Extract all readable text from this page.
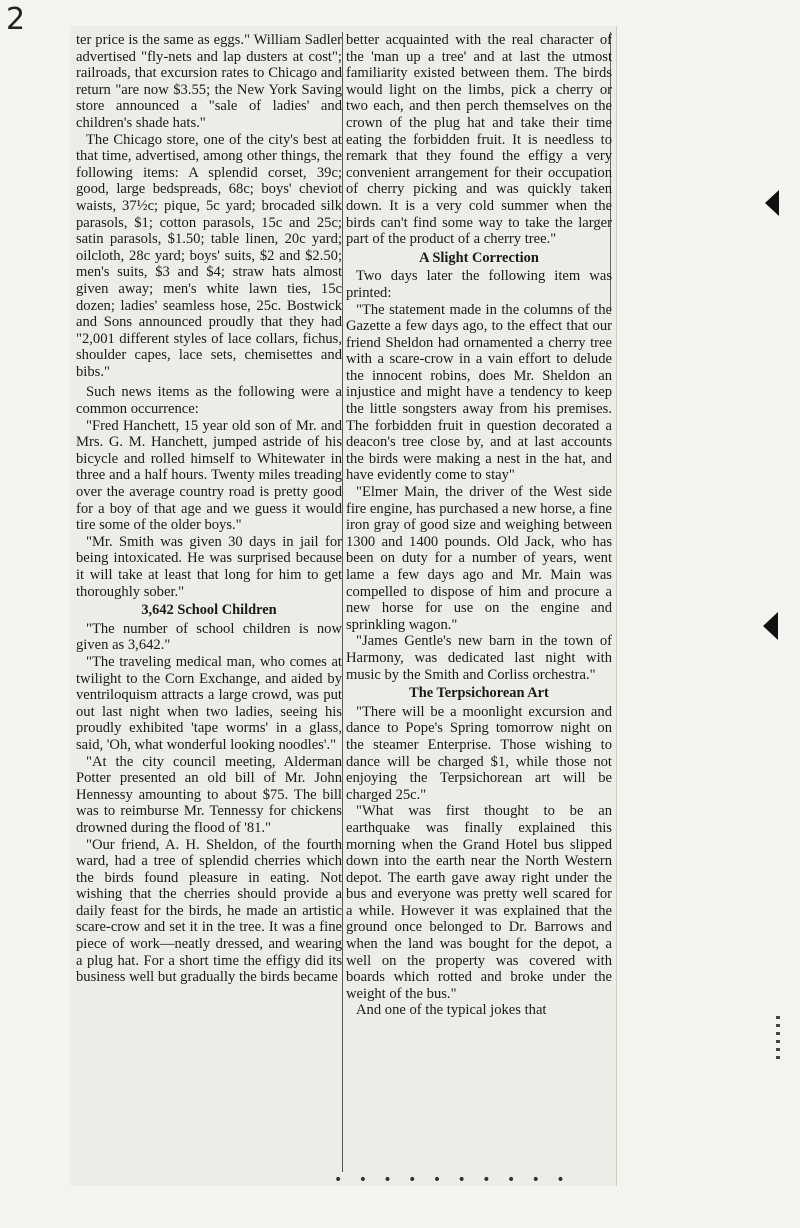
2

ter price is the same as eggs." William Sadler advertised "fly-nets and lap dusters at cost"; railroads, that excursion rates to Chicago and return "are now $3.55; the New York Saving store announced a "sale of ladies' and children's shade hats."

The Chicago store, one of the city's best at that time, advertised, among other things, the following items: A splendid corset, 39c; good, large bedspreads, 68c; boys' cheviot waists, 37½c; pique, 5c yard; brocaded silk parasols, $1; cotton parasols, 15c and 25c; satin parasols, $1.50; table linen, 20c yard; oilcloth, 28c yard; boys' suits, $2 and $2.50; men's suits, $3 and $4; straw hats almost given away; men's white lawn ties, 15c dozen; ladies' seamless hose, 25c. Bostwick and Sons announced proudly that they had "2,001 different styles of lace collars, fichus, shoulder capes, lace sets, chemisettes and bibs."

Such news items as the following were a common occurrence:

"Fred Hanchett, 15 year old son of Mr. and Mrs. G. M. Hanchett, jumped astride of his bicycle and rolled himself to Whitewater in three and a half hours. Twenty miles treading over the average country road is pretty good for a boy of that age and we guess it would tire some of the older boys."

"Mr. Smith was given 30 days in jail for being intoxicated. He was surprised because it will take at least that long for him to get thoroughly sober."

3,642 School Children

"The number of school children is now given as 3,642."

"The traveling medical man, who comes at twilight to the Corn Exchange, and aided by ventriloquism attracts a large crowd, was put out last night when two ladies, seeing his proudly exhibited 'tape worms' in a glass, said, 'Oh, what wonderful looking noodles'."

"At the city council meeting, Alderman Potter presented an old bill of Mr. John Hennessy amounting to about $75. The bill was to reimburse Mr. Tennessy for chickens drowned during the flood of '81."

"Our friend, A. H. Sheldon, of the fourth ward, had a tree of splendid cherries which the birds found pleasure in eating. Not wishing that the cherries should provide a daily feast for the birds, he made an artistic scare-crow and set it in the tree. It was a fine piece of work—neatly dressed, and wearing a plug hat. For a short time the effigy did its business well but gradually the birds became

better acquainted with the real character of the 'man up a tree' and at last the utmost familiarity existed between them. The birds would light on the limbs, pick a cherry or two each, and then perch themselves on the crown of the plug hat and take their time eating the forbidden fruit. It is needless to remark that they found the effigy a very convenient arrangement for their occupation of cherry picking and was quickly taken down. It is a very cold summer when the birds can't find some way to take the larger part of the product of a cherry tree."

A Slight Correction

Two days later the following item was printed:

"The statement made in the columns of the Gazette a few days ago, to the effect that our friend Sheldon had ornamented a cherry tree with a scare-crow in a vain effort to delude the innocent robins, does Mr. Sheldon an injustice and might have a tendency to keep the little songsters away from his premises. The forbidden fruit in question decorated a deacon's tree close by, and at last accounts the birds were making a nest in the hat, and have evidently come to stay"

"Elmer Main, the driver of the West side fire engine, has purchased a new horse, a fine iron gray of good size and weighing between 1300 and 1400 pounds. Old Jack, who has been on duty for a number of years, went lame a few days ago and Mr. Main was compelled to dispose of him and procure a new horse for use on the engine and sprinkling wagon."

"James Gentle's new barn in the town of Harmony, was dedicated last night with music by the Smith and Corliss orchestra."

The Terpsichorean Art

"There will be a moonlight excursion and dance to Pope's Spring tomorrow night on the steamer Enterprise. Those wishing to dance will be charged $1, while those not enjoying the Terpsichorean art will be charged 25c."

"What was first thought to be an earthquake was finally explained this morning when the Grand Hotel bus slipped down into the earth near the North Western depot. The earth gave away right under the bus and everyone was pretty well scared for a while. However it was explained that the ground once belonged to Dr. Barrows and when the land was bought for the depot, a well on the property was covered with boards which rotted and broke under the weight of the bus."

And one of the typical jokes that

• • • • • • • • • •
